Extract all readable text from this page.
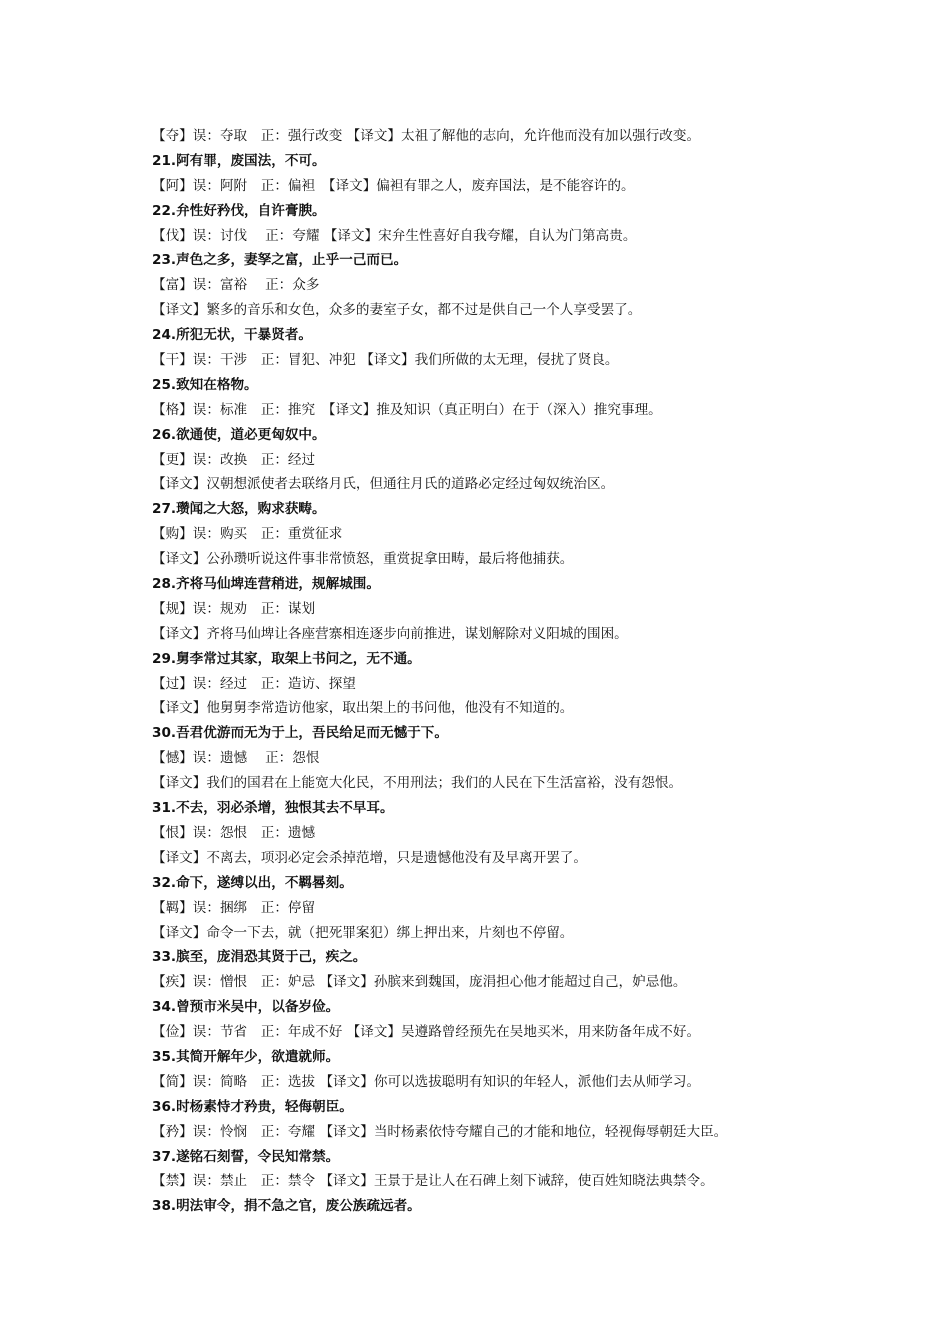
【夺】误：夺取　正：强行改变 【译文】太祖了解他的志向，允许他而没有加以强行改变。
21.阿有罪，废国法，不可。
【阿】误：阿附　正：偏袒　【译文】偏袒有罪之人，废弃国法，是不能容许的。
22.弁性好矜伐，自许膏腴。
【伐】误：讨伐　 正：夸耀 【译文】宋弁生性喜好自我夸耀，自认为门第高贵。
23.声色之多，妻孥之富，止乎一己而已。
【富】误：富裕　 正：众多
【译文】繁多的音乐和女色，众多的妻室子女，都不过是供自己一个人享受罢了。
24.所犯无状，干暴贤者。
【干】误：干涉　正：冒犯、冲犯 【译文】我们所做的太无理，侵扰了贤良。
25.致知在格物。
【格】误：标准　正：推究　【译文】推及知识（真正明白）在于（深入）推究事理。
26.欲通使，道必更匈奴中。
【更】误：改换　正：经过
【译文】汉朝想派使者去联络月氏，但通往月氏的道路必定经过匈奴统治区。
27.瓒闻之大怒，购求获畴。
【购】误：购买　正：重赏征求
【译文】公孙瓒听说这件事非常愤怒，重赏捉拿田畴，最后将他捕获。
28.齐将马仙埤连营稍进，规解城围。
【规】误：规劝　正：谋划
【译文】齐将马仙埤让各座营寨相连逐步向前推进，谋划解除对义阳城的围困。
29.舅李常过其家，取架上书问之，无不通。
【过】误：经过　正：造访、探望
【译文】他舅舅李常造访他家，取出架上的书问他，他没有不知道的。
30.吾君优游而无为于上，吾民给足而无憾于下。
【憾】误：遗憾　 正：怨恨
【译文】我们的国君在上能宽大化民，不用刑法；我们的人民在下生活富裕，没有怨恨。
31.不去，羽必杀增，独恨其去不早耳。
【恨】误：怨恨　正：遗憾
【译文】不离去，项羽必定会杀掉范增，只是遗憾他没有及早离开罢了。
32.命下，遂缚以出，不羁晷刻。
【羁】误：捆绑　正：停留
【译文】命令一下去，就（把死罪案犯）绑上押出来，片刻也不停留。
33.膑至，庞涓恐其贤于己，疾之。
【疾】误：憎恨　正：妒忌 【译文】孙膑来到魏国，庞涓担心他才能超过自己，妒忌他。
34.曾预市米吴中，以备岁俭。
【俭】误：节省　正：年成不好 【译文】吴遵路曾经预先在吴地买米，用来防备年成不好。
35.其简开解年少，欲遣就师。
【简】误：简略　正：选拔 【译文】你可以选拔聪明有知识的年轻人，派他们去从师学习。
36.时杨素恃才矜贵，轻侮朝臣。
【矜】误：怜悯　正：夸耀 【译文】当时杨素依恃夸耀自己的才能和地位，轻视侮辱朝廷大臣。
37.遂铭石刻誓，令民知常禁。
【禁】误：禁止　正：禁令 【译文】王景于是让人在石碑上刻下诫辞，使百姓知晓法典禁令。
38.明法审令，捐不急之官，废公族疏远者。
